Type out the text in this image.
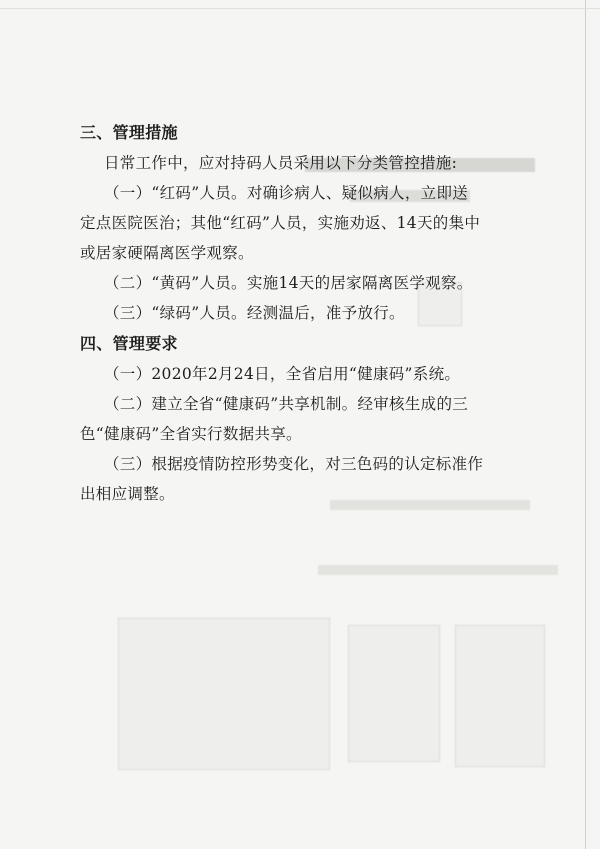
三、管理措施
日常工作中，应对持码人员采用以下分类管控措施:
（一）“红码”人员。对确诊病人、疑似病人，立即送
定点医院医治；其他“红码”人员，实施劝返、14天的集中
或居家硬隔离医学观察。
（二）“黄码”人员。实施14天的居家隔离医学观察。
（三）“绿码”人员。经测温后，准予放行。
四、管理要求
（一）2020年2月24日，全省启用“健康码”系统。
（二）建立全省“健康码”共享机制。经审核生成的三
色“健康码”全省实行数据共享。
（三）根据疫情防控形势变化，对三色码的认定标准作
出相应调整。
